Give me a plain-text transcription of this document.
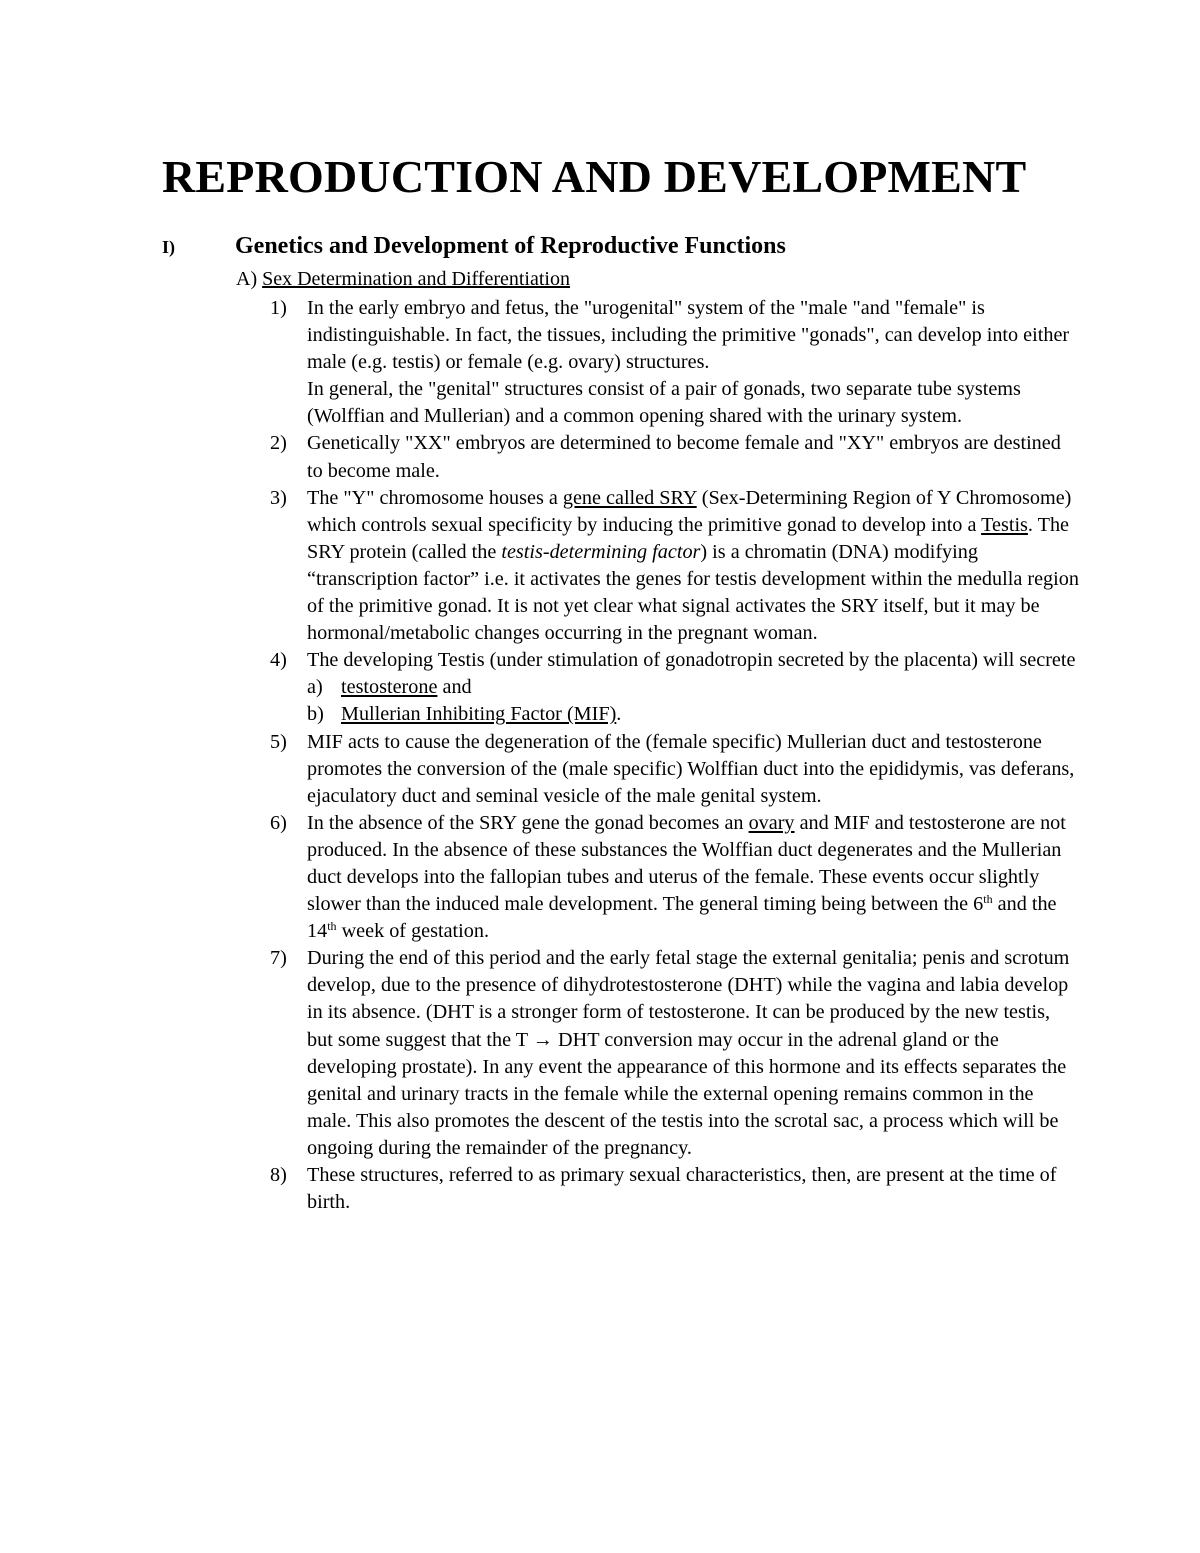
REPRODUCTION AND DEVELOPMENT
I)	Genetics and Development of Reproductive Functions
A) Sex Determination and Differentiation
1) In the early embryo and fetus, the "urogenital" system of the "male "and "female" is indistinguishable. In fact, the tissues, including the primitive "gonads", can develop into either male (e.g. testis) or female (e.g. ovary) structures.
In general, the "genital" structures consist of a pair of gonads, two separate tube systems (Wolffian and Mullerian) and a common opening shared with the urinary system.
2) Genetically "XX" embryos are determined to become female and "XY" embryos are destined to become male.
3) The "Y" chromosome houses a gene called SRY (Sex-Determining Region of Y Chromosome) which controls sexual specificity by inducing the primitive gonad to develop into a Testis. The SRY protein (called the testis-determining factor) is a chromatin (DNA) modifying “transcription factor” i.e. it activates the genes for testis development within the medulla region of the primitive gonad. It is not yet clear what signal activates the SRY itself, but it may be hormonal/metabolic changes occurring in the pregnant woman.
4) The developing Testis (under stimulation of gonadotropin secreted by the placenta) will secrete
a) testosterone and
b) Mullerian Inhibiting Factor (MIF).
5) MIF acts to cause the degeneration of the (female specific) Mullerian duct and testosterone promotes the conversion of the (male specific) Wolffian duct into the epididymis, vas deferans, ejaculatory duct and seminal vesicle of the male genital system.
6) In the absence of the SRY gene the gonad becomes an ovary and MIF and testosterone are not produced. In the absence of these substances the Wolffian duct degenerates and the Mullerian duct develops into the fallopian tubes and uterus of the female. These events occur slightly slower than the induced male development. The general timing being between the 6th and the 14th week of gestation.
7) During the end of this period and the early fetal stage the external genitalia; penis and scrotum develop, due to the presence of dihydrotestosterone (DHT) while the vagina and labia develop in its absence. (DHT is a stronger form of testosterone. It can be produced by the new testis, but some suggest that the T → DHT conversion may occur in the adrenal gland or the developing prostate). In any event the appearance of this hormone and its effects separates the genital and urinary tracts in the female while the external opening remains common in the male. This also promotes the descent of the testis into the scrotal sac, a process which will be ongoing during the remainder of the pregnancy.
8) These structures, referred to as primary sexual characteristics, then, are present at the time of birth.
